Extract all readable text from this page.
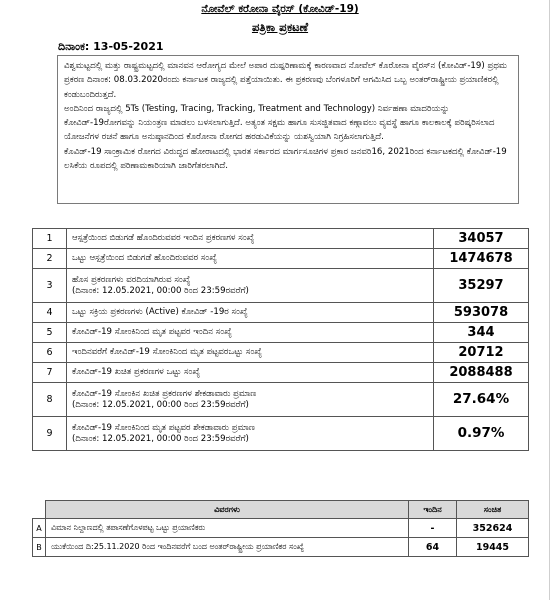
ನೋವೆಲ್ ಕರೋನಾ ವೈರಸ್ (ಕೋವಿಡ್-19)
ಪತ್ರಿಕಾ ಪ್ರಕಟಣೆ
ದಿನಾಂಕ: 13-05-2021

ವಿಶ್ವಮಟ್ಟದಲ್ಲಿ ಮತ್ತು ರಾಷ್ಟ್ರಮಟ್ಟದಲ್ಲಿ ಮಾನವನ ಆರೋಗ್ಯದ ಮೇಲೆ ಅಪಾರ ದುಷ್ಪರಿಣಾಮಕ್ಕೆ ಕಾರಣವಾದ ನೋವೆಲ್ ಕೊರೋನಾ ವೈರಸ್‌ನ (ಕೋವಿಡ್-19) ಪ್ರಥಮ ಪ್ರಕರಣ ದಿನಾಂಕ: 08.03.2020ರಂದು ಕರ್ನಾಟಕ ರಾಜ್ಯದಲ್ಲಿ ಪತ್ತೆಯಾಯಿತು. ಈ ಪ್ರಕರಣವು ಬೆಂಗಳೂರಿಗೆ ಆಗಮಿಸಿದ ಒಬ್ಬ ಅಂತರ್‌ರಾಷ್ಟ್ರೀಯ ಪ್ರಯಾಣಿಕರಲ್ಲಿ ಕಂಡುಬಂದಿರುತ್ತದೆ.

ಅಂದಿನಿಂದ ರಾಜ್ಯದಲ್ಲಿ 5Ts (Testing, Tracing, Tracking, Treatment and Technology) ನಿರ್ವಹಣಾ ಮಾದರಿಯನ್ನು ಕೋವಿಡ್-19ರೋಗವನ್ನು ನಿಯಂತ್ರಣ ಮಾಡಲು ಬಳಸಲಾಗುತ್ತಿದೆ. ಅತ್ಯಂತ ಸಕ್ಷಮ ಹಾಗೂ ಸುಸಜ್ಜಿತವಾದ ಕಣ್ಗಾವಲು ವ್ಯವಸ್ಥೆ ಹಾಗೂ ಕಾಲಕಾಲಕ್ಕೆ ಪರಿಷ್ಕರಿಸಲಾದ ಯೋಜನೆಗಳ ರಚನೆ ಹಾಗೂ ಅನುಷ್ಠಾನದಿಂದ ಕೊರೋನಾ ರೋಗದ ಹರಡುವಿಕೆಯನ್ನು ಯಶಸ್ವಿಯಾಗಿ ನಿಗ್ರಹಿಸಲಾಗುತ್ತಿದೆ.

ಕೊವಿಡ್-19 ಸಾಂಕ್ರಾಮಿಕ ರೋಗದ ವಿರುದ್ಧದ ಹೋರಾಟದಲ್ಲಿ ಭಾರತ ಸರ್ಕಾರದ ಮಾರ್ಗಸೂಚಿಗಳ ಪ್ರಕಾರ ಜನವರಿ16, 2021ರಿಂದ ಕರ್ನಾಟಕದಲ್ಲಿ ಕೋವಿಡ್-19 ಲಸಿಕೆಯ ರೂಪದಲ್ಲಿ ಪರಿಣಾಮಕಾರಿಯಾಗಿ ಜಾರಿಗೆತರಲಾಗಿದೆ.

1	ಆಸ್ಪತ್ರೆಯಿಂದ ಬಿಡುಗಡೆ ಹೊಂದಿರುವವರ ಇಂದಿನ ಪ್ರಕರಣಗಳ ಸಂಖ್ಯೆ	34057
2	ಒಟ್ಟು ಆಸ್ಪತ್ರೆಯಿಂದ ಬಿಡುಗಡೆ ಹೊಂದಿರುವವರ ಸಂಖ್ಯೆ	1474678
3	ಹೊಸ ಪ್ರಕರಣಗಳು ವರದಿಯಾಗಿರುವ ಸಂಖ್ಯೆ
(ದಿನಾಂಕ: 12.05.2021, 00:00 ರಿಂದ 23:59ರವರೆಗೆ)	35297
4	ಒಟ್ಟು ಸಕ್ರಿಯ ಪ್ರಕರಣಗಳು (Active) ಕೋವಿಡ್ -19ರ ಸಂಖ್ಯೆ	593078
5	ಕೋವಿಡ್-19 ಸೋಂಕಿನಿಂದ ಮೃತ ಪಟ್ಟವರ ಇಂದಿನ ಸಂಖ್ಯೆ	344
6	ಇಂದಿನವರೆಗೆ ಕೋವಿಡ್-19 ಸೋಂಕಿನಿಂದ ಮೃತ ಪಟ್ಟವರಒಟ್ಟು ಸಂಖ್ಯೆ	20712
7	ಕೋವಿಡ್-19 ಖಚಿತ ಪ್ರಕರಣಗಳ ಒಟ್ಟು ಸಂಖ್ಯೆ	2088488
8	ಕೋವಿಡ್-19 ಸೋಂಕಿನ ಖಚಿತ ಪ್ರಕರಣಗಳ ಶೇಕಡಾವಾರು ಪ್ರಮಾಣ
(ದಿನಾಂಕ: 12.05.2021, 00:00 ರಿಂದ 23:59ರವರೆಗೆ)	27.64%
9	ಕೋವಿಡ್-19 ಸೋಂಕಿನಿಂದ ಮೃತ ಪಟ್ಟವರ ಶೇಕಡಾವಾರು ಪ್ರಮಾಣ
(ದಿನಾಂಕ: 12.05.2021, 00:00 ರಿಂದ 23:59ರವರೆಗೆ)	0.97%
	ವಿವರಗಳು	ಇಂದಿನ	ಸಂಚಿತ
A	ವಿಮಾನ ನಿಲ್ದಾಣದಲ್ಲಿ ತಪಾಸಣೆಗೊಳಪಟ್ಟ ಒಟ್ಟು ಪ್ರಯಾಣಿಕರು	-	352624
B	ಯುಕೆಯಿಂದ ದಿ:25.11.2020 ರಿಂದ ಇಂದಿನವರೆಗೆ ಬಂದ ಅಂತರ್‌ರಾಷ್ಟ್ರೀಯ ಪ್ರಯಾಣಿಕರ ಸಂಖ್ಯೆ	64	19445
